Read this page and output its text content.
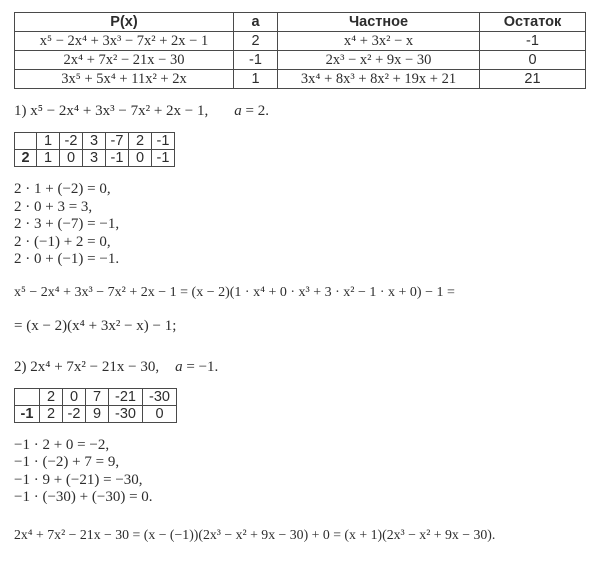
P(x)	a	Частное	Остаток
x⁵ − 2x⁴ + 3x³ − 7x² + 2x − 1	2	x⁴ + 3x² − x	-1
2x⁴ + 7x² − 21x − 30	-1	2x³ − x² + 9x − 30	0
3x⁵ + 5x⁴ + 11x² + 2x	1	3x⁴ + 8x³ + 8x² + 19x + 21	21
1) x⁵ − 2x⁴ + 3x³ − 7x² + 2x − 1, a = 2.
	1	-2	3	-7	2	-1
2	1	0	3	-1	0	-1
2 · 1 + (−2) = 0,
2 · 0 + 3 = 3,
2 · 3 + (−7) = −1,
2 · (−1) + 2 = 0,
2 · 0 + (−1) = −1.
x⁵ − 2x⁴ + 3x³ − 7x² + 2x − 1 = (x − 2)(1 · x⁴ + 0 · x³ + 3 · x² − 1 · x + 0) − 1 =
= (x − 2)(x⁴ + 3x² − x) − 1;
2) 2x⁴ + 7x² − 21x − 30, a = −1.
	2	0	7	-21	-30
-1	2	-2	9	-30	0
−1 · 2 + 0 = −2,
−1 · (−2) + 7 = 9,
−1 · 9 + (−21) = −30,
−1 · (−30) + (−30) = 0.
2x⁴ + 7x² − 21x − 30 = (x − (−1))(2x³ − x² + 9x − 30) + 0 = (x + 1)(2x³ − x² + 9x − 30).
